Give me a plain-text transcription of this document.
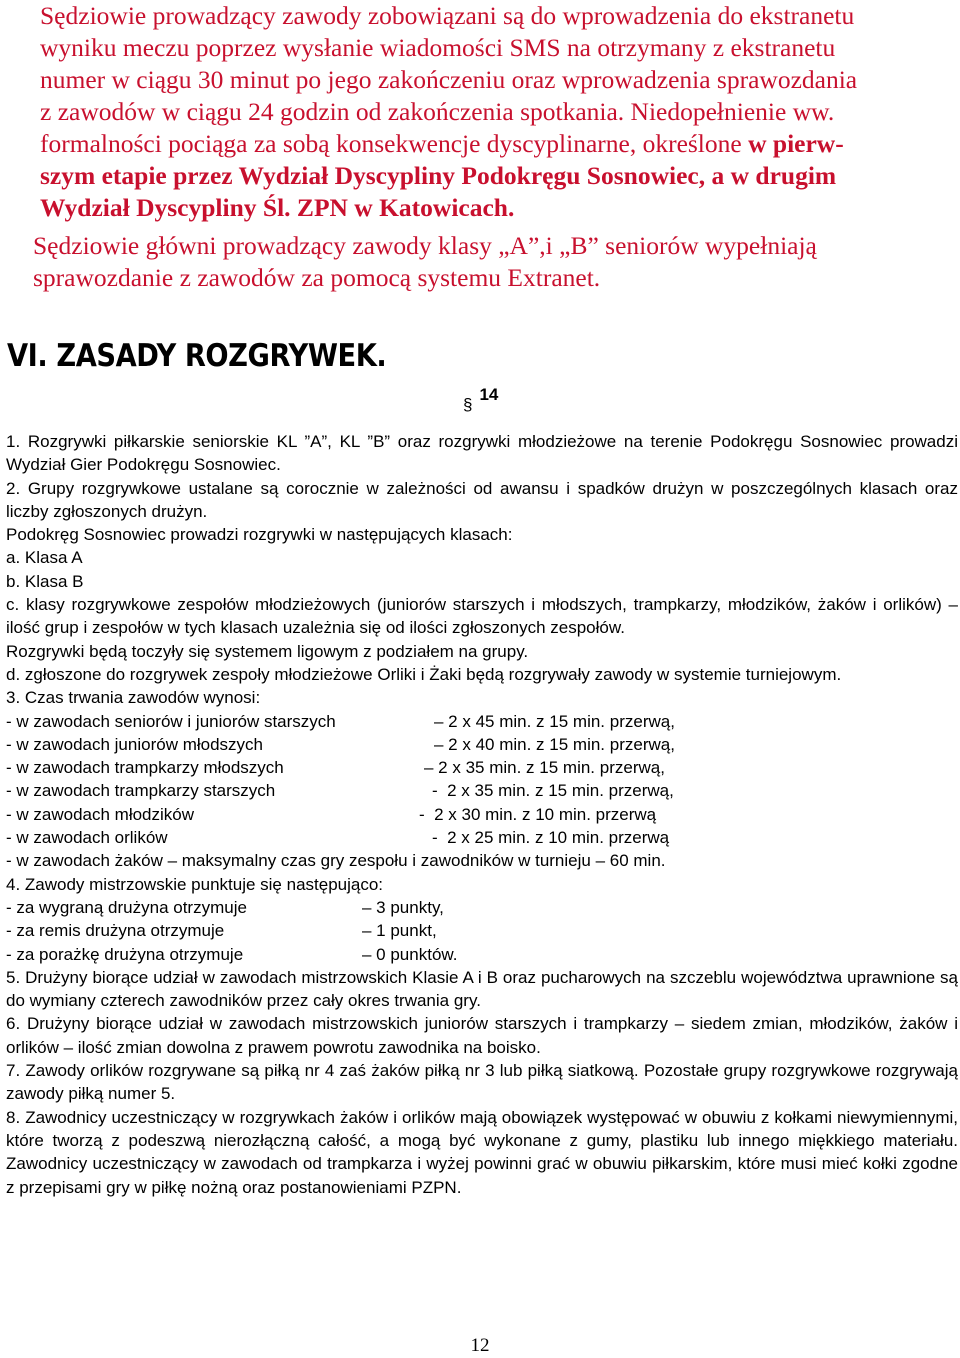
Sędziowie prowadzący zawody zobowiązani są do wprowadzenia do ekstranetu
wyniku meczu poprzez wysłanie wiadomości SMS na otrzymany z ekstranetu
numer w ciągu 30 minut po jego zakończeniu oraz wprowadzenia sprawozdania
z zawodów w ciągu 24 godzin od zakończenia spotkania. Niedopełnienie ww.
formalności pociąga za sobą konsekwencje dyscyplinarne, określone w pierw-
szym etapie przez Wydział Dyscypliny Podokręgu Sosnowiec, a w drugim
Wydział Dyscypliny Śl. ZPN w Katowicach.
Sędziowie główni prowadzący zawody klasy „A”,i „B” seniorów wypełniają
sprawozdanie z zawodów za pomocą systemu Extranet.
VI. ZASADY ROZGRYWEK.
§14

1. Rozgrywki piłkarskie seniorskie KL ”A”, KL ”B” oraz rozgrywki młodzieżowe na terenie Podokręgu Sosnowiec prowadzi Wydział Gier Podokręgu Sosnowiec.

2. Grupy rozgrywkowe ustalane są corocznie w zależności od awansu i spadków drużyn w poszczególnych klasach oraz liczby zgłoszonych drużyn.

Podokręg Sosnowiec prowadzi rozgrywki w następujących klasach:

a. Klasa A

b. Klasa B

c. klasy rozgrywkowe zespołów młodzieżowych (juniorów starszych i młodszych, trampkarzy, młodzików, żaków i orlików) – ilość grup i zespołów w tych klasach uzależnia się od ilości zgłoszonych zespołów.

Rozgrywki będą toczyły się systemem ligowym z podziałem na grupy.

d. zgłoszone do rozgrywek zespoły młodzieżowe Orliki i Żaki będą rozgrywały zawody w systemie turniejowym.

3. Czas trwania zawodów wynosi:

- w zawodach seniorów i juniorów starszych	– 2 x 45 min. z 15 min. przerwą,
- w zawodach juniorów młodszych	– 2 x 40 min. z 15 min. przerwą,
- w zawodach trampkarzy młodszych	– 2 x 35 min. z 15 min. przerwą,
- w zawodach trampkarzy starszych	-  2 x 35 min. z 15 min. przerwą,
- w zawodach młodzików	-  2 x 30 min. z 10 min. przerwą
- w zawodach orlików	-  2 x 25 min. z 10 min. przerwą

- w zawodach żaków – maksymalny czas gry zespołu i zawodników w turnieju – 60 min.

4. Zawody mistrzowskie punktuje się następująco:

- za wygraną drużyna otrzymuje	– 3 punkty,
- za remis drużyna otrzymuje	– 1 punkt,
- za porażkę drużyna otrzymuje	– 0 punktów.

5. Drużyny biorące udział w zawodach mistrzowskich Klasie A i B oraz pucharowych na szczeblu województwa uprawnione są do wymiany czterech zawodników przez cały okres trwania gry.

6. Drużyny biorące udział w zawodach mistrzowskich juniorów starszych i trampkarzy – siedem zmian, młodzików, żaków i orlików – ilość zmian dowolna z prawem powrotu zawodnika na boisko.

7. Zawody orlików rozgrywane są piłką nr 4 zaś żaków piłką nr 3 lub piłką siatkową. Pozostałe grupy rozgrywkowe rozgrywają zawody piłką numer 5.

8. Zawodnicy uczestniczący w rozgrywkach żaków i orlików mają obowiązek występować w obuwiu z kołkami niewymiennymi, które tworzą z podeszwą nierozłączną całość, a mogą być wykonane z gumy, plastiku lub innego miękkiego materiału. Zawodnicy uczestniczący w zawodach od trampkarza i wyżej powinni grać w obuwiu piłkarskim, które musi mieć kołki zgodne z przepisami gry w piłkę nożną oraz postanowieniami PZPN.

12
